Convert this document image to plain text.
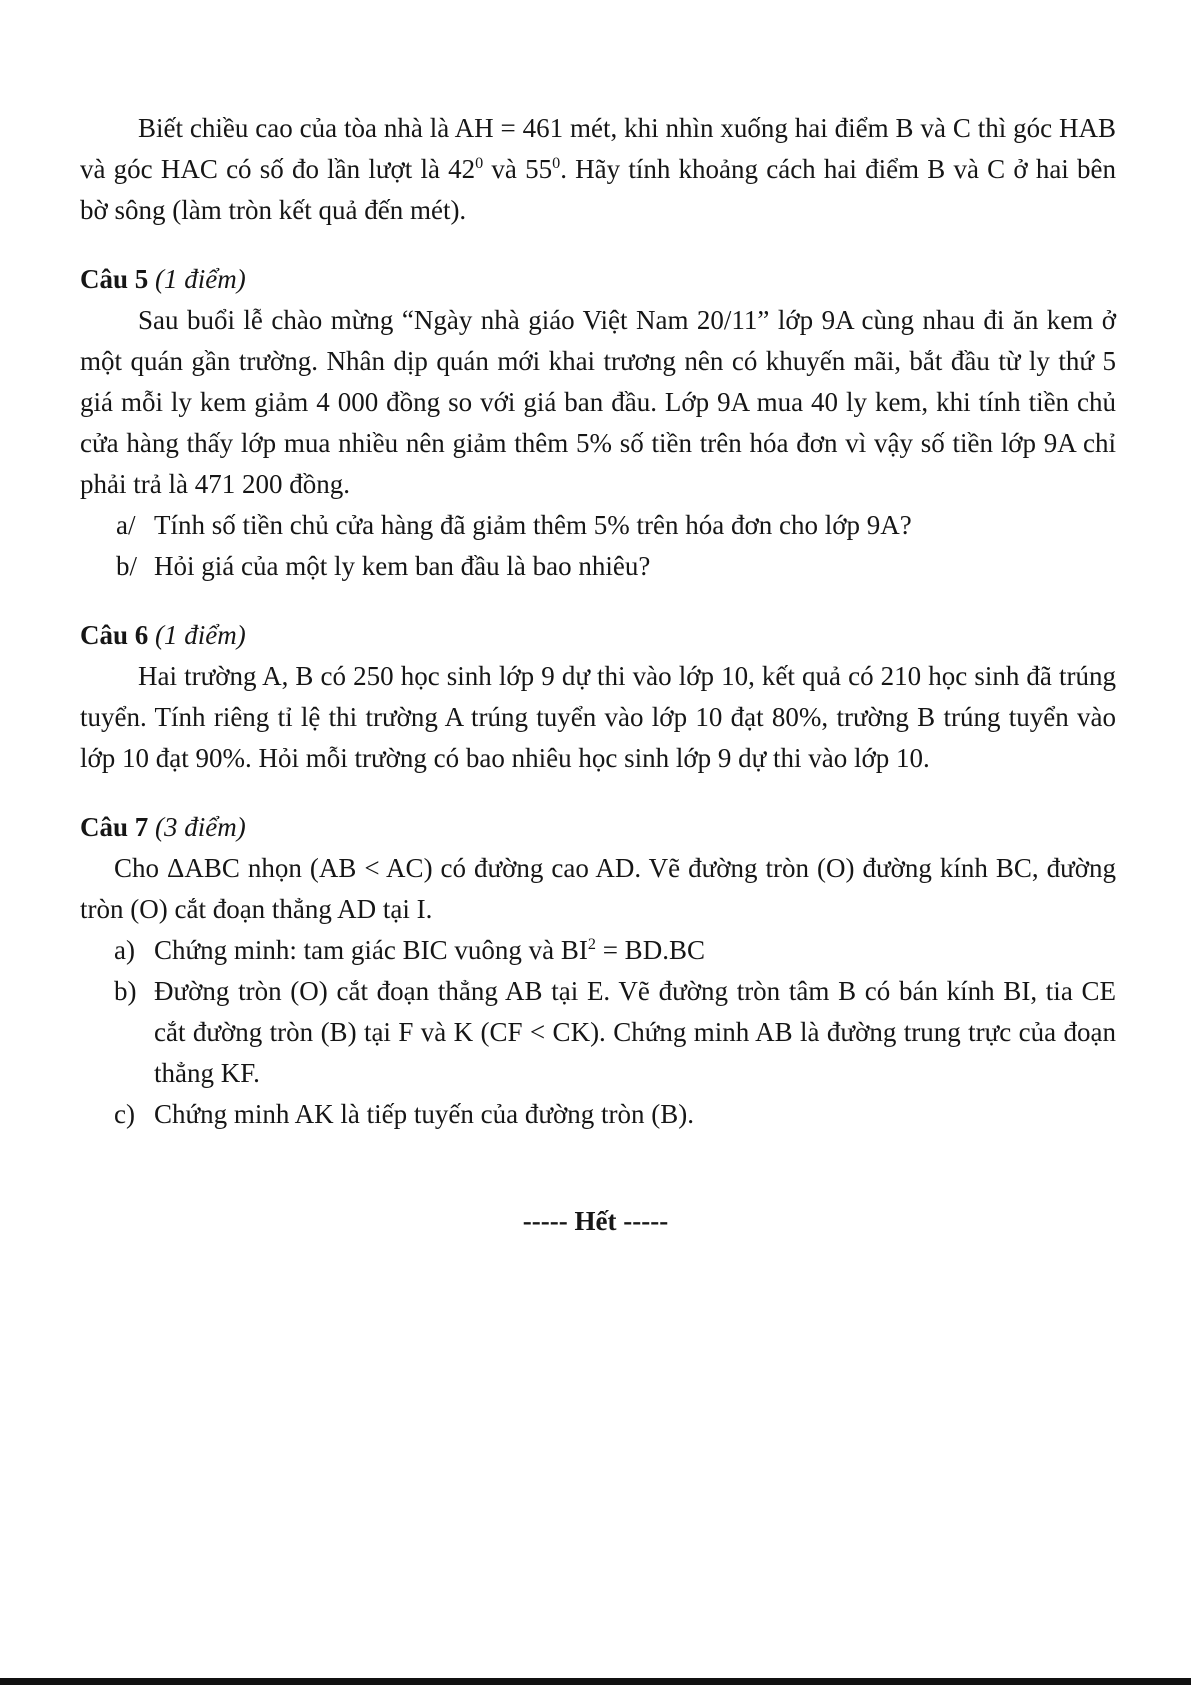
Biết chiều cao của tòa nhà là AH = 461 mét, khi nhìn xuống hai điểm B và C thì góc HAB và góc HAC có số đo lần lượt là $42^0$ và $55^0$. Hãy tính khoảng cách hai điểm B và C ở hai bên bờ sông (làm tròn kết quả đến mét).

Câu 5 (1 điểm)

Sau buổi lễ chào mừng “Ngày nhà giáo Việt Nam 20/11” lớp 9A cùng nhau đi ăn kem ở một quán gần trường. Nhân dịp quán mới khai trương nên có khuyến mãi, bắt đầu từ ly thứ 5 giá mỗi ly kem giảm 4 000 đồng so với giá ban đầu. Lớp 9A mua 40 ly kem, khi tính tiền chủ cửa hàng thấy lớp mua nhiều nên giảm thêm 5% số tiền trên hóa đơn vì vậy số tiền lớp 9A chỉ phải trả là 471 200 đồng.

a/ Tính số tiền chủ cửa hàng đã giảm thêm 5% trên hóa đơn cho lớp 9A?
b/ Hỏi giá của một ly kem ban đầu là bao nhiêu?

Câu 6 (1 điểm)

Hai trường A, B có 250 học sinh lớp 9 dự thi vào lớp 10, kết quả có 210 học sinh đã trúng tuyển. Tính riêng tỉ lệ thi trường A trúng tuyển vào lớp 10 đạt 80%, trường B trúng tuyển vào lớp 10 đạt 90%. Hỏi mỗi trường có bao nhiêu học sinh lớp 9 dự thi vào lớp 10.

Câu 7 (3 điểm)

Cho ΔABC nhọn (AB < AC) có đường cao AD. Vẽ đường tròn (O) đường kính BC, đường tròn (O) cắt đoạn thẳng AD tại I.

a) Chứng minh: tam giác BIC vuông và $BI^2 = BD.BC$
b) Đường tròn (O) cắt đoạn thẳng AB tại E. Vẽ đường tròn tâm B có bán kính BI, tia CE cắt đường tròn (B) tại F và K (CF < CK). Chứng minh AB là đường trung trực của đoạn thẳng KF.
c) Chứng minh AK là tiếp tuyến của đường tròn (B).
----- Hết -----
